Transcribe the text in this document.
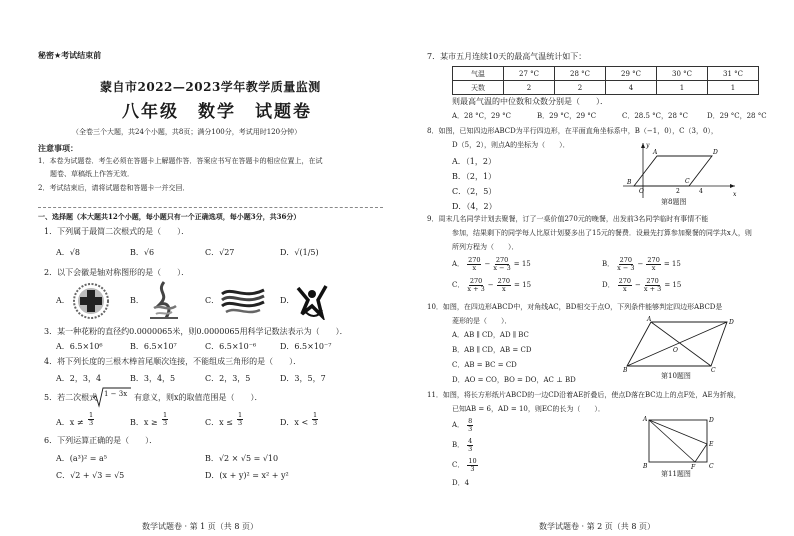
秘密★考试结束前
蒙自市2022—2023学年教学质量监测
八年级　数学　试题卷
（全卷三个大题，共24个小题，共8页；满分100分，考试用时120分钟）
注意事项：
1．本卷为试题卷．考生必须在答题卡上解题作答．答案应书写在答题卡的相应位置上，在试
题卷、草稿纸上作答无效．
2．考试结束后，请将试题卷和答题卡一并交回．
一、选择题（本大题共12个小题，每小题只有一个正确选项，每小题3分，共36分）
1．下列属于最简二次根式的是（　　）．
A．√8	B．√6	C．√27	D．√(1/5)
2．以下会徽是轴对称图形的是（　　）．
A．	B．	C．	D．
3．某一种花粉的直径约0.0000065米，则0.0000065用科学记数法表示为（　　）．
A．6.5×10⁶	B．6.5×10⁷	C．6.5×10⁻⁶	D．6.5×10⁻⁷
4．将下列长度的三根木棒首尾顺次连接，不能组成三角形的是（　　）．
A．2，3，4	B．3，4，5	C．2，3，5	D．3，5，7
5．若二次根式 1 − 3x 有意义，则x的取值范围是（　　）．
A．x ≠	B．x ≥	C．x ≤	D．x <
6．下列运算正确的是（　　）．
A．(a³)² = a⁵	B．√2 × √5 = √10
C．√2 + √3 = √5	D．(x + y)² = x² + y²
数学试题卷 · 第 1 页（共 8 页）
7．某市五月连续10天的最高气温统计如下：
气温	27 °C	28 °C	29 °C	30 °C	31 °C
天数	2	2	4	1	1
则最高气温的中位数和众数分别是（　　）．
A．28 °C，29 °C	B．29 °C，29 °C	C．28.5 °C，28 °C	D．29 °C，28 °C
8．如图，已知四边形ABCD为平行四边形，在平面直角坐标系中，B（−1，0），C（3，0），
D（5，2），则点A的坐标为（　　）．
A．（1，2）
B．（2，1）
C．（2，5）
D．（4，2）
x
y
B
O
A	D
C
2	4
第8题图
9．周末几名同学计划去聚餐，订了一桌价值270元的晚餐，出发前3名同学临时有事情不能
参加，结果剩下的同学每人比原计划要多出了15元的餐费．设最先打算参加聚餐的同学共x人，则
所列方程为（　　）．
A． $\frac{270}{x} - \frac{270}{x - 3} = 15$	B． $\frac{270}{x - 3} - \frac{270}{x} = 15$
C． $\frac{270}{x + 3} - \frac{270}{x} = 15$	D． $\frac{270}{x} - \frac{270}{x + 3} = 15$
10．如图，在四边形ABCD中，对角线AC，BD相交于点O，下列条件能够判定四边形ABCD是
菱形的是（　　）．
A．AB ∥ CD，AD ∥ BC
B．AB ∥ CD，AB = CD
C．AB = BC = CD
D．AO = CO，BO = DO，AC ⊥ BD
A	D
B	C
O
第10题图
11．如图，将长方形纸片ABCD的一边CD沿着AE折叠后，使点D落在BC边上的点F处，AE为折痕，
已知AB = 6，AD = 10，则EC的长为（　　）．
A． $\frac{8}{3}$
B． $\frac{4}{3}$
C． $\frac{10}{3}$
D．4
A	D
B	C
E
F
第11题图
数学试题卷 · 第 2 页（共 8 页）
$\frac{1}{3}$	$\frac{1}{3}$	$\frac{1}{3}$	$\frac{1}{3}$
